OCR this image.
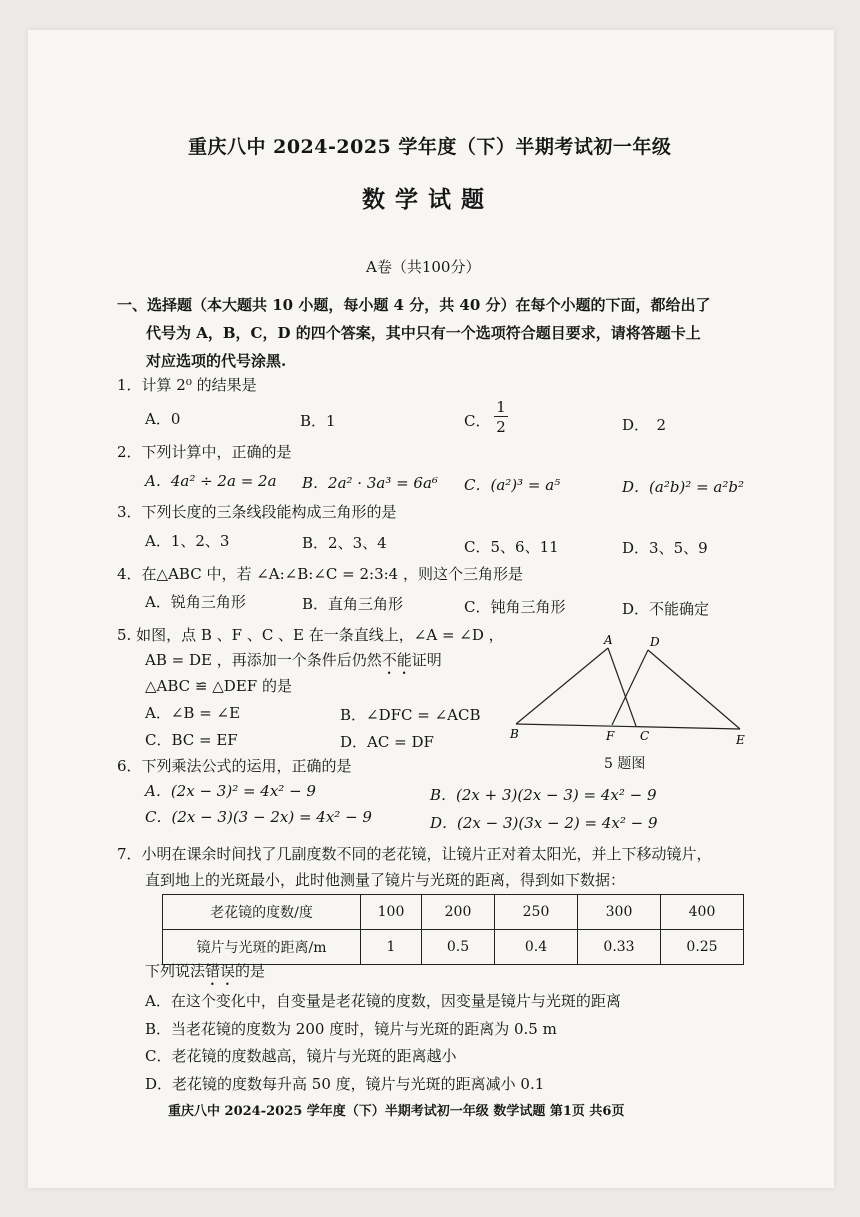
重庆八中 2024-2025 学年度（下）半期考试初一年级
数学试题
A卷（共100分）
一、选择题（本大题共 10 小题，每小题 4 分，共 40 分）在每个小题的下面，都给出了
代号为 A，B，C，D 的四个答案，其中只有一个选项符合题目要求，请将答题卡上
对应选项的代号涂黑.
1．计算 2⁰ 的结果是
A．0	B．1	C． $\frac{1}{2}$	D．　2
2．下列计算中，正确的是
A．4a² ÷ 2a = 2a B．2a² · 3a³ = 6a⁶ C．(a²)³ = a⁵	D．(a²b)² = a²b²
3．下列长度的三条线段能构成三角形的是
A．1、2、3	B．2、3、4	C．5、6、11	D．3、5、9
4．在△ABC 中，若 ∠A:∠B:∠C = 2:3:4 ，则这个三角形是
A．锐角三角形	B．直角三角形	C．钝角三角形	D．不能确定
5. 如图，点 B 、F 、C 、E 在一条直线上，∠A = ∠D ，
AB = DE ，再添加一个条件后仍然不能证明
△ABC ≌ △DEF 的是
A．∠B = ∠E	B．∠DFC = ∠ACB
C．BC = EF	D．AC = DF
A	D
B	F C	E
5 题图
6．下列乘法公式的运用，正确的是
A．(2x − 3)² = 4x² − 9	B．(2x + 3)(2x − 3) = 4x² − 9
C．(2x − 3)(3 − 2x) = 4x² − 9	D．(2x − 3)(3x − 2) = 4x² − 9
7．小明在课余时间找了几副度数不同的老花镜，让镜片正对着太阳光，并上下移动镜片，
直到地上的光斑最小，此时他测量了镜片与光斑的距离，得到如下数据：
老花镜的度数/度	100	200	250	300	400
镜片与光斑的距离/m	1	0.5	0.4	0.33	0.25
下列说法错误的是
A．在这个变化中，自变量是老花镜的度数，因变量是镜片与光斑的距离
B．当老花镜的度数为 200 度时，镜片与光斑的距离为 0.5 m
C．老花镜的度数越高，镜片与光斑的距离越小
D．老花镜的度数每升高 50 度，镜片与光斑的距离减小 0.1
重庆八中 2024-2025 学年度（下）半期考试初一年级 数学试题 第1页 共6页
